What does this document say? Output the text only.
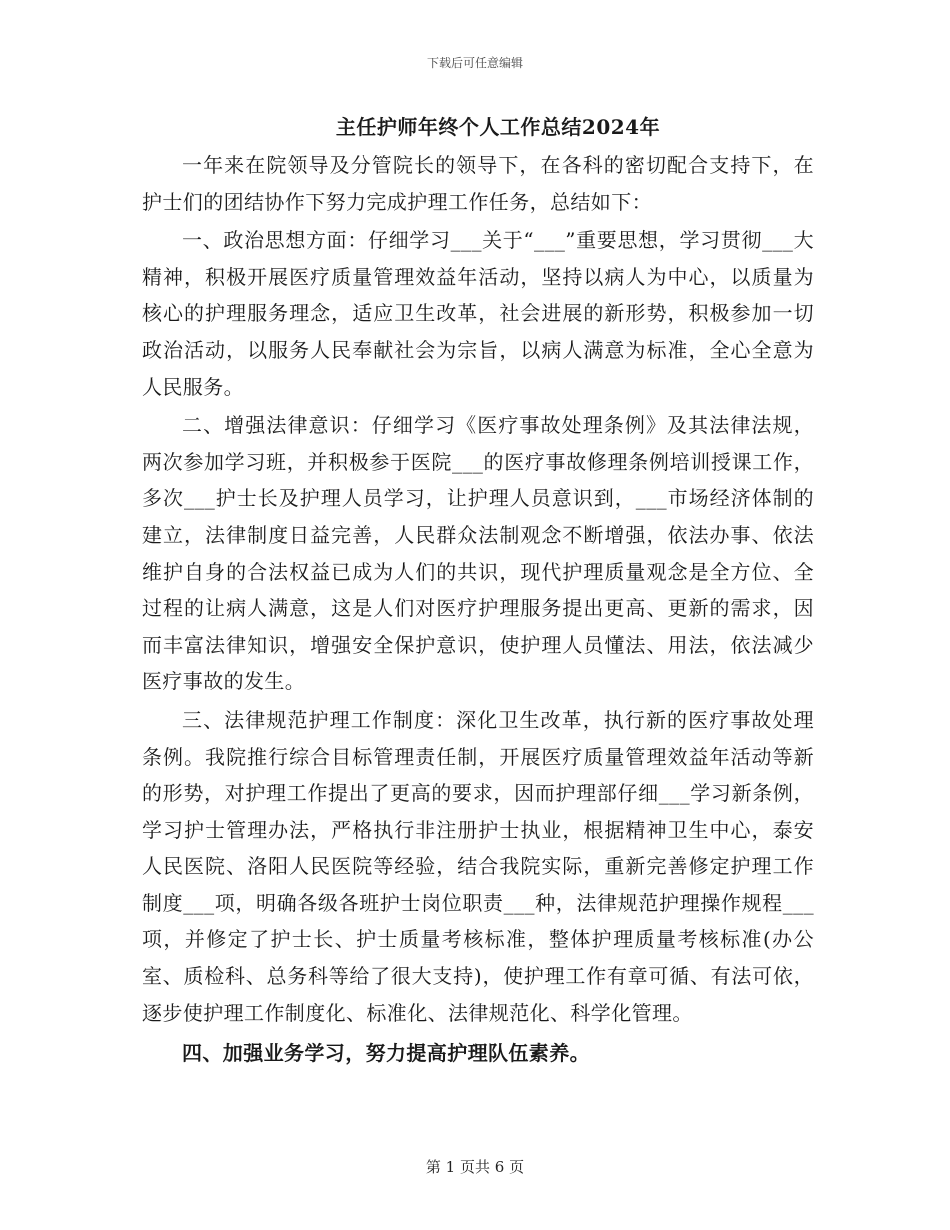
下载后可任意编辑
主任护师年终个人工作总结2024年

一年来在院领导及分管院长的领导下，在各科的密切配合支持下，在护士们的团结协作下努力完成护理工作任务，总结如下：

一、政治思想方面：仔细学习___关于“___”重要思想，学习贯彻___大精神，积极开展医疗质量管理效益年活动，坚持以病人为中心，以质量为核心的护理服务理念，适应卫生改革，社会进展的新形势，积极参加一切政治活动，以服务人民奉献社会为宗旨，以病人满意为标准，全心全意为人民服务。

二、增强法律意识：仔细学习《医疗事故处理条例》及其法律法规，两次参加学习班，并积极参于医院___的医疗事故修理条例培训授课工作，多次___护士长及护理人员学习，让护理人员意识到，___市场经济体制的建立，法律制度日益完善，人民群众法制观念不断增强，依法办事、依法维护自身的合法权益已成为人们的共识，现代护理质量观念是全方位、全过程的让病人满意，这是人们对医疗护理服务提出更高、更新的需求，因而丰富法律知识，增强安全保护意识，使护理人员懂法、用法，依法减少医疗事故的发生。

三、法律规范护理工作制度：深化卫生改革，执行新的医疗事故处理条例。我院推行综合目标管理责任制，开展医疗质量管理效益年活动等新的形势，对护理工作提出了更高的要求，因而护理部仔细___学习新条例，学习护士管理办法，严格执行非注册护士执业，根据精神卫生中心，泰安人民医院、洛阳人民医院等经验，结合我院实际，重新完善修定护理工作制度___项，明确各级各班护士岗位职责___种，法律规范护理操作规程___项，并修定了护士长、护士质量考核标准，整体护理质量考核标准(办公室、质检科、总务科等给了很大支持)，使护理工作有章可循、有法可依，逐步使护理工作制度化、标准化、法律规范化、科学化管理。

四、加强业务学习，努力提高护理队伍素养。

第 1 页共 6 页
